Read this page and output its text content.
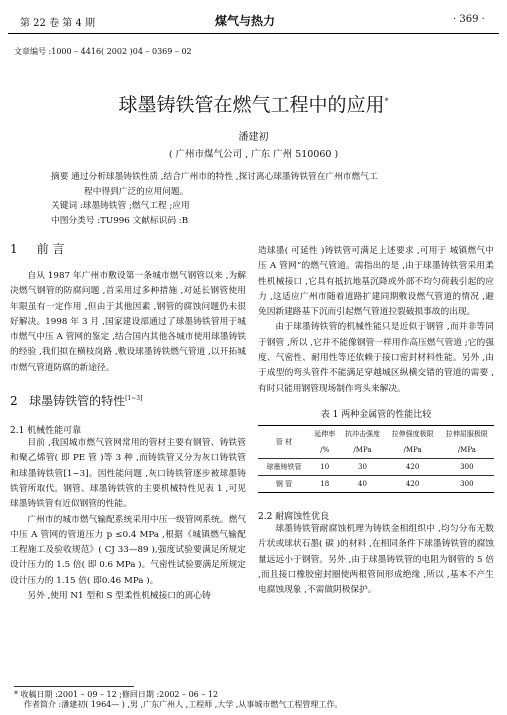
第 22 卷 第 4 期	煤气与热力	· 369 ·
文章编号 :1000 – 4416( 2002 )04 – 0369 – 02
球墨铸铁管在燃气工程中的应用*
潘建初
( 广州市煤气公司 , 广东 广州 510060 )
摘要 通过分析球墨铸铁性质 ,结合广州市的特性 ,探讨离心球墨铸铁管在广州市燃气工
程中得到广泛的应用问题。
关键词 :球墨铸铁管 ;燃气工程 ;应用
中图分类号 :TU996 文献标识码 :B
1 前 言

自从 1987 年广州市敷设第一条城市燃气钢管以来 ,为解决燃气钢管的防腐问题 ,首采用过多种措施 ,对延长钢管使用年限虽有一定作用 ,但由于其他因素 ,钢管的腐蚀问题仍未很好解决。1998 年 3 月 ,国家建设部通过了球墨铸铁管用于城市燃气中压 A 管网的鉴定 ,结合国内其他各城市使用球墨铸铁的经验 ,我们拟在横枝岗路 ,敷设球墨铸铁燃气管道 ,以开拓城市燃气管道防腐的新途径。

2 球墨铸铁管的特性[1~3]
2.1 机械性能可靠

目前 ,我国城市燃气管网常用的管材主要有钢管、铸铁管和聚乙烯管( 即 PE 管 )等 3 种 ,而铸铁管又分为灰口铸铁管和球墨铸铁管[1~3]。因性能问题 ,灰口铸铁管逐步被球墨铸铁管所取代。钢管、球墨铸铁管的主要机械特性见表 1 ,可见球墨铸铁管有近似钢管的性能。

广州市的城市燃气输配系统采用中压一级管网系统。燃气中压 A 管网的管道压力 p ≤0.4 MPa ,根据《城镇燃气输配工程施工及验收规范》( CJ 33—89 ),强度试验要满足所规定设计压力的 1.5 倍( 即 0.6 MPa )。气密性试验要满足所规定设计压力的 1.15 倍( 即0.46 MPa )。

另外 ,使用 N1 型和 S 型柔性机械接口的离心铸

造球墨( 可延性 )铸铁管可满足上述要求 ,可用于 城镇燃气中压 A 管网”的燃气管道。需指出的是 ,由于球墨铸铁管采用柔性机械接口 ,它具有抵抗地基沉降或外部不均匀荷载引起的应力 ,这适应广州市随着道路扩建同期敷设燃气管道的情况 ,避免因新建路基下沉而引起燃气管道拉裂破损事故的出现。

由于球墨铸铁管的机械性能只是近似于钢管 ,而并非等同于钢管 ,所以 ,它并不能像钢管一样用作高压燃气管道 ;它的强度、气密性、耐用性等还依赖于接口密封材料性能。另外 ,由于成型的弯头管件不能满足穿越城区纵横交错的管道的需要 ,有时只能用钢管现场制作弯头来解决。

表 1 两种金属管的性能比较
管 材	延伸率	抗冲击强度	拉伸强度极限	拉伸屈服极限
	/%	/MPa	/MPa	/MPa
球墨铸铁管	10	30	420	300
钢 管	18	40	420	300
2.2 耐腐蚀性优良

球墨铸铁管耐腐蚀机理为铸铁金相组织中 ,均匀分布无数片状或球状石墨( 碳 )的材料 ,在相同条件下球墨铸铁管的腐蚀量远远小于钢管。另外 ,由于球墨铸铁管的电阻为钢管的 5 倍 ,而且接口橡胶密封圈使两根管间形成绝缘 ,所以 ,基本不产生电腐蚀现象 ,不需做阴极保护。

* 收稿日期 :2001 – 09 – 12 ;修回日期 :2002 – 06 – 12
作者简介 :潘建初( 1964— ) ,男 ,广东广州人 ,工程师 ,大学 ,从事城市燃气工程管理工作。
